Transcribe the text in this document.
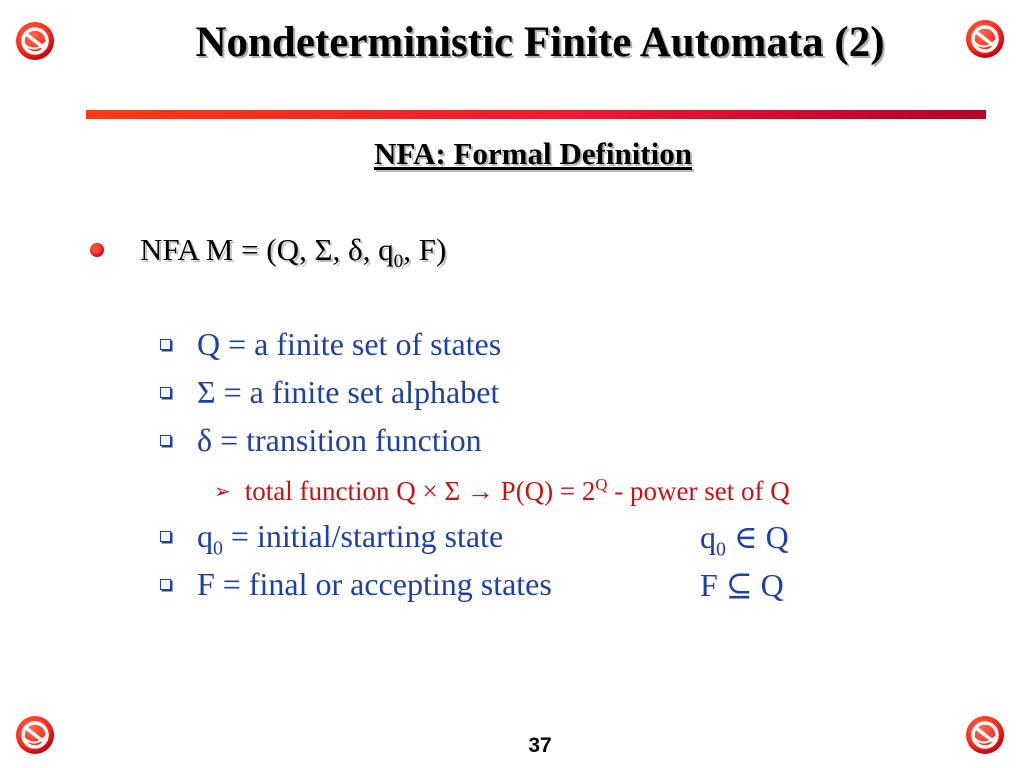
Nondeterministic Finite Automata (2)
NFA: Formal Definition
NFA M = (Q, Σ, δ, $q_0$, F)
Q = a finite set of states
Σ = a finite set alphabet
δ = transition function
➢ total function $Q \times \Sigma \to P(Q) = 2^Q$ - power set of Q
$q_0$ = initial/starting state	$q_0$ ∈ Q
F = final or accepting states	F ⊆ Q
37
